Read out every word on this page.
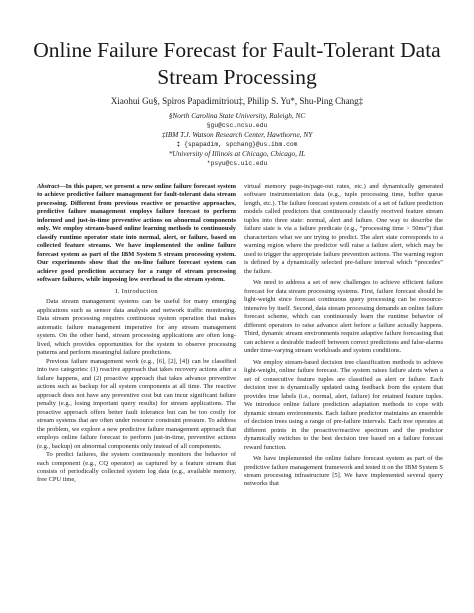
Online Failure Forecast for Fault-Tolerant Data
Stream Processing
Xiaohui Gu§, Spiros Papadimitriou‡, Philip S. Yu*, Shu-Ping Chang‡
§North Carolina State University, Raleigh, NC
§gu@csc.ncsu.edu
‡IBM T.J. Watson Research Center, Hawthorne, NY
‡ {spapadim, spchang}@us.ibm.com
*University of Illinois at Chicago, Chicago, IL
*psyu@cs.uic.edu

Abstract—In this paper, we present a new online failure forecast system to achieve predictive failure management for fault-tolerant data stream processing. Different from previous reactive or proactive approaches, predictive failure management employs failure forecast to perform informed and just-in-time preventive actions on abnormal components only. We employ stream-based online learning methods to continuously classify runtime operator state into normal, alert, or failure, based on collected feature streams. We have implemented the online failure forecast system as part of the IBM System S stream processing system. Our experiments show that the on-line failure forecast system can achieve good prediction accuracy for a range of stream processing software failures, while imposing low overhead to the stream system.

I. Introduction

Data stream management systems can be useful for many emerging applications such as sensor data analysis and network traffic monitoring. Data stream processing requires continuous system operation that makes automatic failure management imperative for any stream management system. On the other hand, stream processing applications are often long-lived, which provides opportunities for the system to observe processing patterns and perform meaningful failure predictions.

Previous failure management work (e.g., [6], [2], [4]) can be classified into two categories: (1) reactive approach that takes recovery actions after a failure happens, and (2) proactive approach that takes advance preventive actions such as backup for all system components at all time. The reactive approach does not have any preventive cost but can incur significant failure penalty (e.g., losing important query results) for stream applications. The proactive approach offers better fault tolerance but can be too costly for stream systems that are often under resource constraint pressure. To address the problem, we explore a new predictive failure management approach that employs online failure forecast to perform just-in-time, preventive actions (e.g., backup) on abnormal components only instead of all components.

To predict failures, the system continuously monitors the behavior of each component (e.g., CQ operator) as captured by a feature stream that consists of periodically collected system log data (e.g., available memory, free CPU time,

virtual memory page-in/page-out rates, etc.) and dynamically generated software instrumentation data (e.g., tuple processing time, buffer queue length, etc.). The failure forecast system consists of a set of failure prediction models called predictors that continuously classify received feature stream tuples into three state: normal, alert and failure. One way to describe the failure state is via a failure predicate (e.g., “processing time > 50ms”) that characterizes what we are trying to predict. The alert state corresponds to a warning region where the predictor will raise a failure alert, which may be used to trigger the appropriate failure prevention actions. The warning region is defined by a dynamically selected pre-failure interval which “precedes” the failure.

We need to address a set of new challenges to achieve efficient failure forecast for data stream processing systems. First, failure forecast should be light-weight since forecast continuous query processing can be resource-intensive by itself. Second, data stream processing demands an online failure forecast scheme, which can continuously learn the runtime behavior of different operators to raise advance alert before a failure actually happens. Third, dynamic stream environments require adaptive failure forecasting that can achieve a desirable tradeoff between correct predictions and false-alarms under time-varying stream workloads and system conditions.

We employ stream-based decision tree classification methods to achieve light-weight, online failure forecast. The system raises failure alerts when a set of consecutive feature tuples are classified as alert or failure. Each decision tree is dynamically updated using feedback from the system that provides true labels (i.e., normal, alert, failure) for retained feature tuples. We introduce online failure prediction adaptation methods to cope with dynamic stream environments. Each failure predictor maintains an ensemble of decision trees using a range of pre-failure intervals. Each tree operates at different points in the proactive/reactive spectrum and the predictor dynamically switches to the best decision tree based on a failure forecast reward function.

We have implemented the online failure forecast system as part of the predictive failure management framework and tested it on the IBM System S stream processing infrastructure [5]. We have implemented several query networks that
